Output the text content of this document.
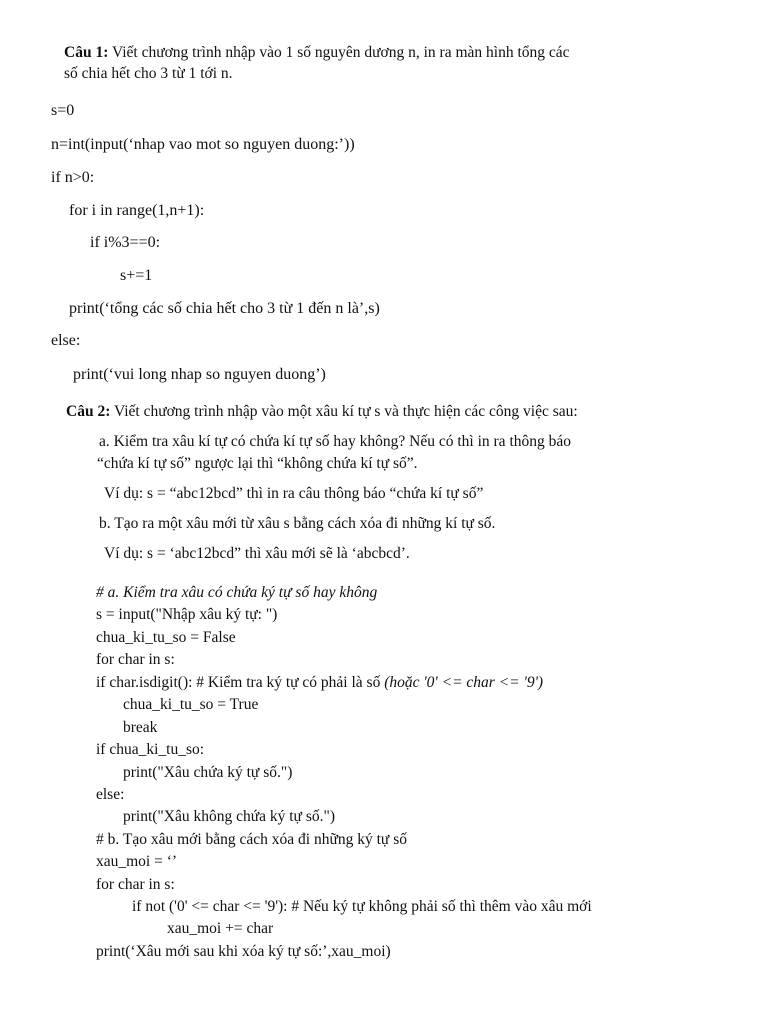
Câu 1: Viết chương trình nhập vào 1 số nguyên dương n, in ra màn hình tổng các
số chia hết cho 3 từ 1 tới n.
s=0
n=int(input(‘nhap vao mot so nguyen duong:’))
if n>0:
for i in range(1,n+1):
if i%3==0:
s+=1
print(‘tổng các số chia hết cho 3 từ 1 đến n là’,s)
else:
print(‘vui long nhap so nguyen duong’)
Câu 2: Viết chương trình nhập vào một xâu kí tự s và thực hiện các công việc sau:
a. Kiểm tra xâu kí tự có chứa kí tự số hay không? Nếu có thì in ra thông báo
“chứa kí tự số” ngược lại thì “không chứa kí tự số”.
Ví dụ: s = “abc12bcd” thì in ra câu thông báo “chứa kí tự số”
b. Tạo ra một xâu mới từ xâu s bằng cách xóa đi những kí tự số.
Ví dụ: s = ‘abc12bcd” thì xâu mới sẽ là ‘abcbcd’.
# a. Kiểm tra xâu có chứa ký tự số hay không
s = input("Nhập xâu ký tự: ")
chua_ki_tu_so = False
for char in s:
if char.isdigit(): # Kiểm tra ký tự có phải là số (hoặc '0' <= char <= '9')
chua_ki_tu_so = True
break
if chua_ki_tu_so:
print("Xâu chứa ký tự số.")
else:
print("Xâu không chứa ký tự số.")
# b. Tạo xâu mới bằng cách xóa đi những ký tự số
xau_moi = ‘’
for char in s:
if not ('0' <= char <= '9'): # Nếu ký tự không phải số thì thêm vào xâu mới
xau_moi += char
print(‘Xâu mới sau khi xóa ký tự số:’,xau_moi)
